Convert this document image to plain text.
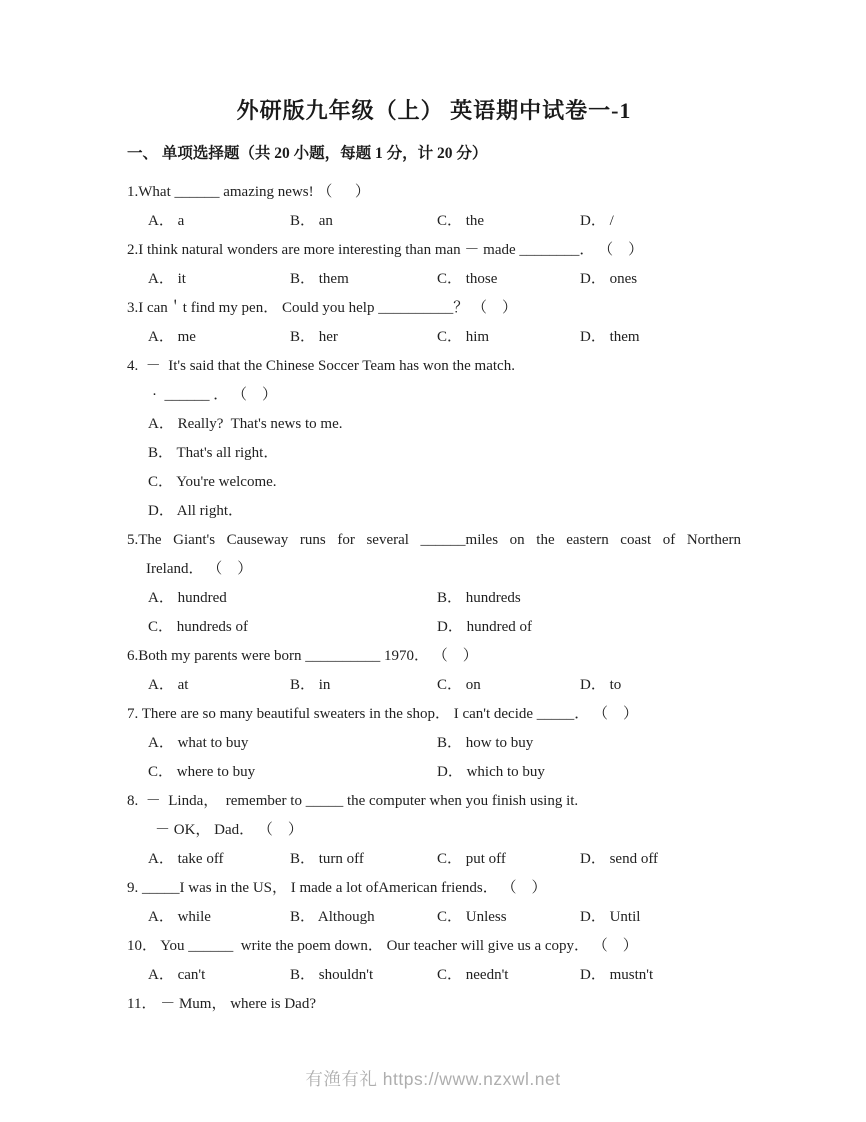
外研版九年级（上） 英语期中试卷一-1
一、 单项选择题（共 20 小题，每题 1 分，计 20 分）
1.What ______ amazing news! （      ）
A． a	B． an	C． the	D． /
2.I think natural wonders are more interesting than man － made ________． （    ）
A． it	B． them	C． those	D． ones
3.I can＇t find my pen． Could you help __________？ （    ）
A． me	B． her	C． him	D． them
4.  －  It's said that the Chinese Soccer Team has won the match.
·  ______ ． （    ）
A． Really?  That's news to me.
B． That's all right．
C． You're welcome.
D． All right．
5.The Giant's Causeway runs for several ______miles on the eastern coast of Northern
Ireland． （    ）
A． hundred	B． hundreds
C． hundreds of	D． hundred of
6.Both my parents were born __________ 1970． （    ）
A． at	B． in	C． on	D． to
7. There are so many beautiful sweaters in the shop． I can't decide _____． （    ）
A． what to buy	B． how to buy
C． where to buy	D． which to buy
8.  －  Linda，  remember to _____ the computer when you finish using it.
－ OK， Dad． （    ）
A． take off	B． turn off	C． put off	D． send off
9. _____I was in the US， I made a lot ofAmerican friends． （    ）
A． while	B． Although	C． Unless	D． Until
10． You ______  write the poem down． Our teacher will give us a copy． （    ）
A． can't	B． shouldn't	C． needn't	D． mustn't
11． － Mum， where is Dad?
有渔有礼 https://www.nzxwl.net
